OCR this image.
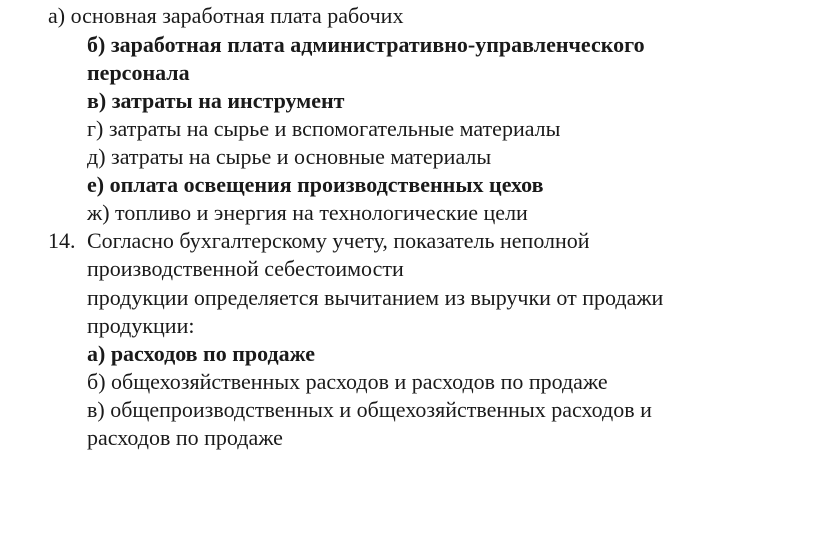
а) основная заработная плата рабочих
б) заработная плата административно-управленческого
персонала
в) затраты на инструмент
г) затраты на сырье и вспомогательные материалы
д) затраты на сырье и основные материалы
е) оплата освещения производственных цехов
ж) топливо и энергия на технологические цели
14. Согласно бухгалтерскому учету, показатель неполной
производственной себестоимости
продукции определяется вычитанием из выручки от продажи
продукции:
а) расходов по продаже
б) общехозяйственных расходов и расходов по продаже
в) общепроизводственных и общехозяйственных расходов и
расходов по продаже
